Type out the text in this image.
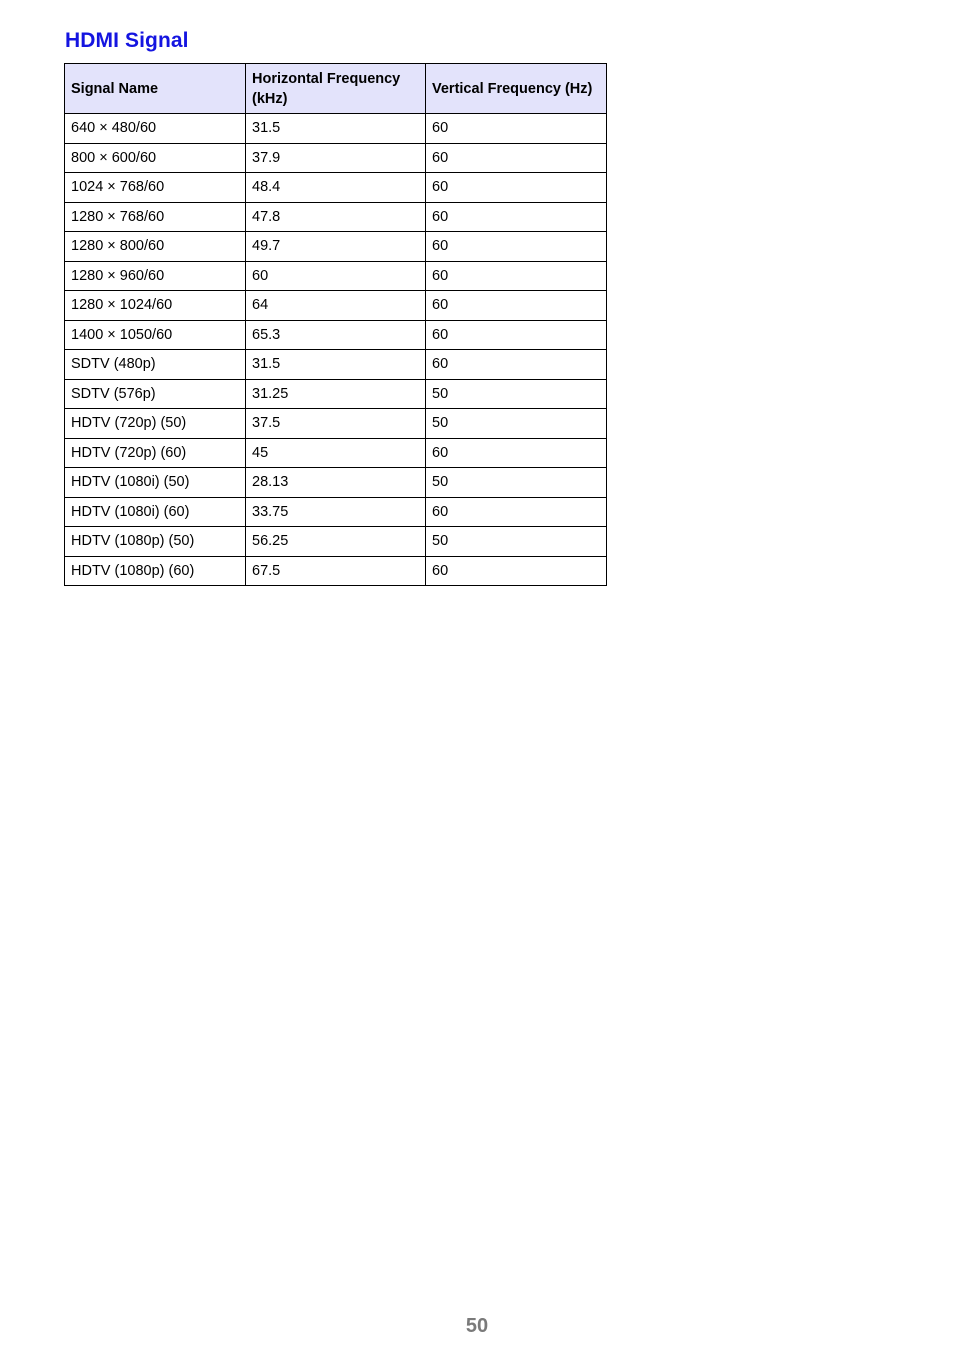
HDMI Signal
Signal Name	Horizontal Frequency (kHz)	Vertical Frequency (Hz)
640 × 480/60	31.5	60
800 × 600/60	37.9	60
1024 × 768/60	48.4	60
1280 × 768/60	47.8	60
1280 × 800/60	49.7	60
1280 × 960/60	60	60
1280 × 1024/60	64	60
1400 × 1050/60	65.3	60
SDTV (480p)	31.5	60
SDTV (576p)	31.25	50
HDTV (720p) (50)	37.5	50
HDTV (720p) (60)	45	60
HDTV (1080i) (50)	28.13	50
HDTV (1080i) (60)	33.75	60
HDTV (1080p) (50)	56.25	50
HDTV (1080p) (60)	67.5	60
50
